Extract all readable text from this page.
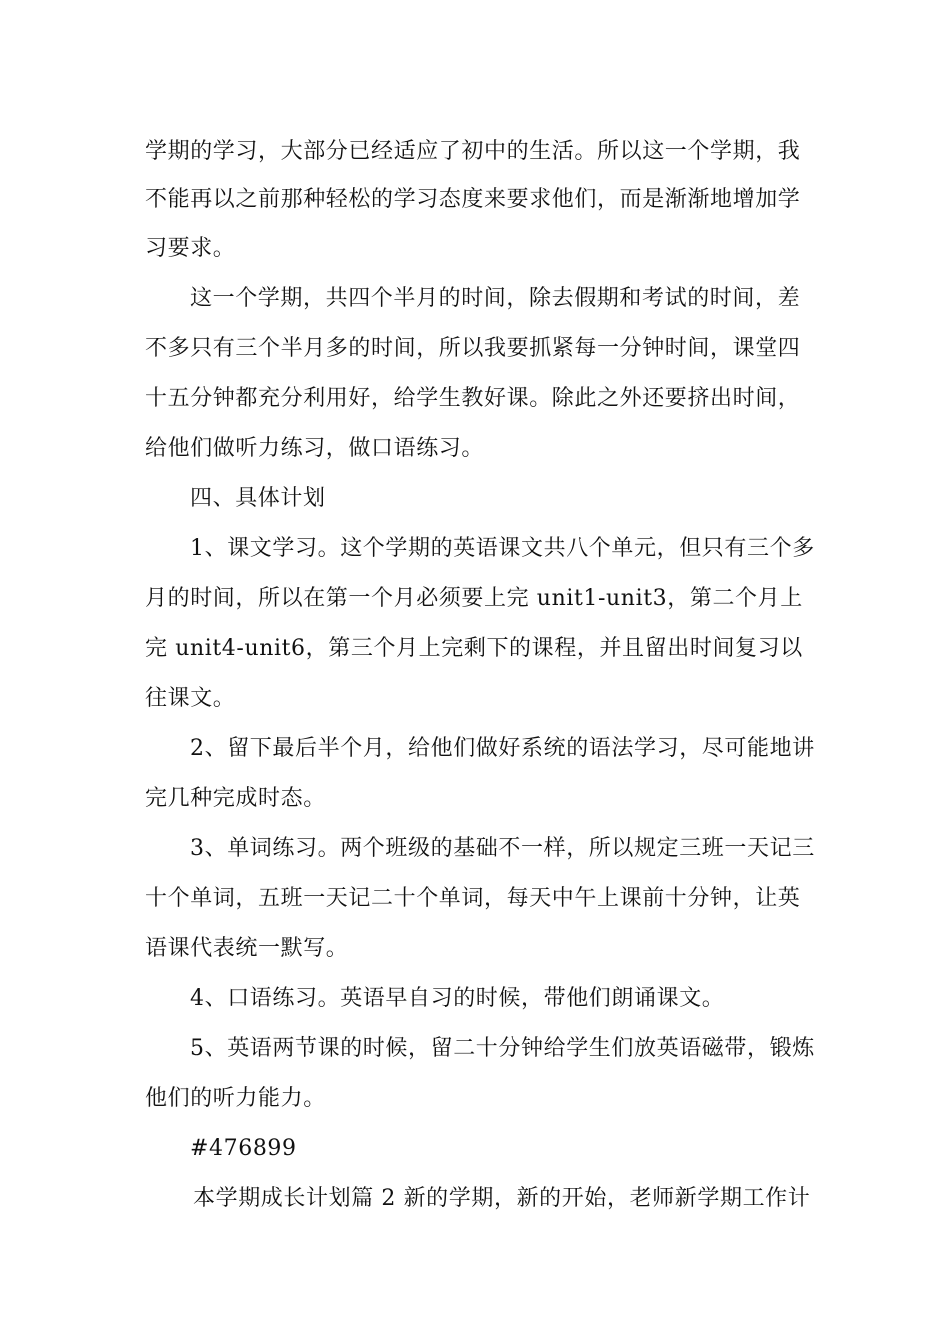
学期的学习，大部分已经适应了初中的生活。所以这一个学期，我
不能再以之前那种轻松的学习态度来要求他们，而是渐渐地增加学
习要求。
这一个学期，共四个半月的时间，除去假期和考试的时间，差
不多只有三个半月多的时间，所以我要抓紧每一分钟时间，课堂四
十五分钟都充分利用好，给学生教好课。除此之外还要挤出时间，
给他们做听力练习，做口语练习。
四、具体计划
1、课文学习。这个学期的英语课文共八个单元，但只有三个多
月的时间，所以在第一个月必须要上完 unit1-unit3，第二个月上
完 unit4-unit6，第三个月上完剩下的课程，并且留出时间复习以
往课文。
2、留下最后半个月，给他们做好系统的语法学习，尽可能地讲
完几种完成时态。
3、单词练习。两个班级的基础不一样，所以规定三班一天记三
十个单词，五班一天记二十个单词，每天中午上课前十分钟，让英
语课代表统一默写。
4、口语练习。英语早自习的时候，带他们朗诵课文。
5、英语两节课的时候，留二十分钟给学生们放英语磁带，锻炼
他们的听力能力。
#476899
本学期成长计划篇 2 新的学期，新的开始，老师新学期工作计
